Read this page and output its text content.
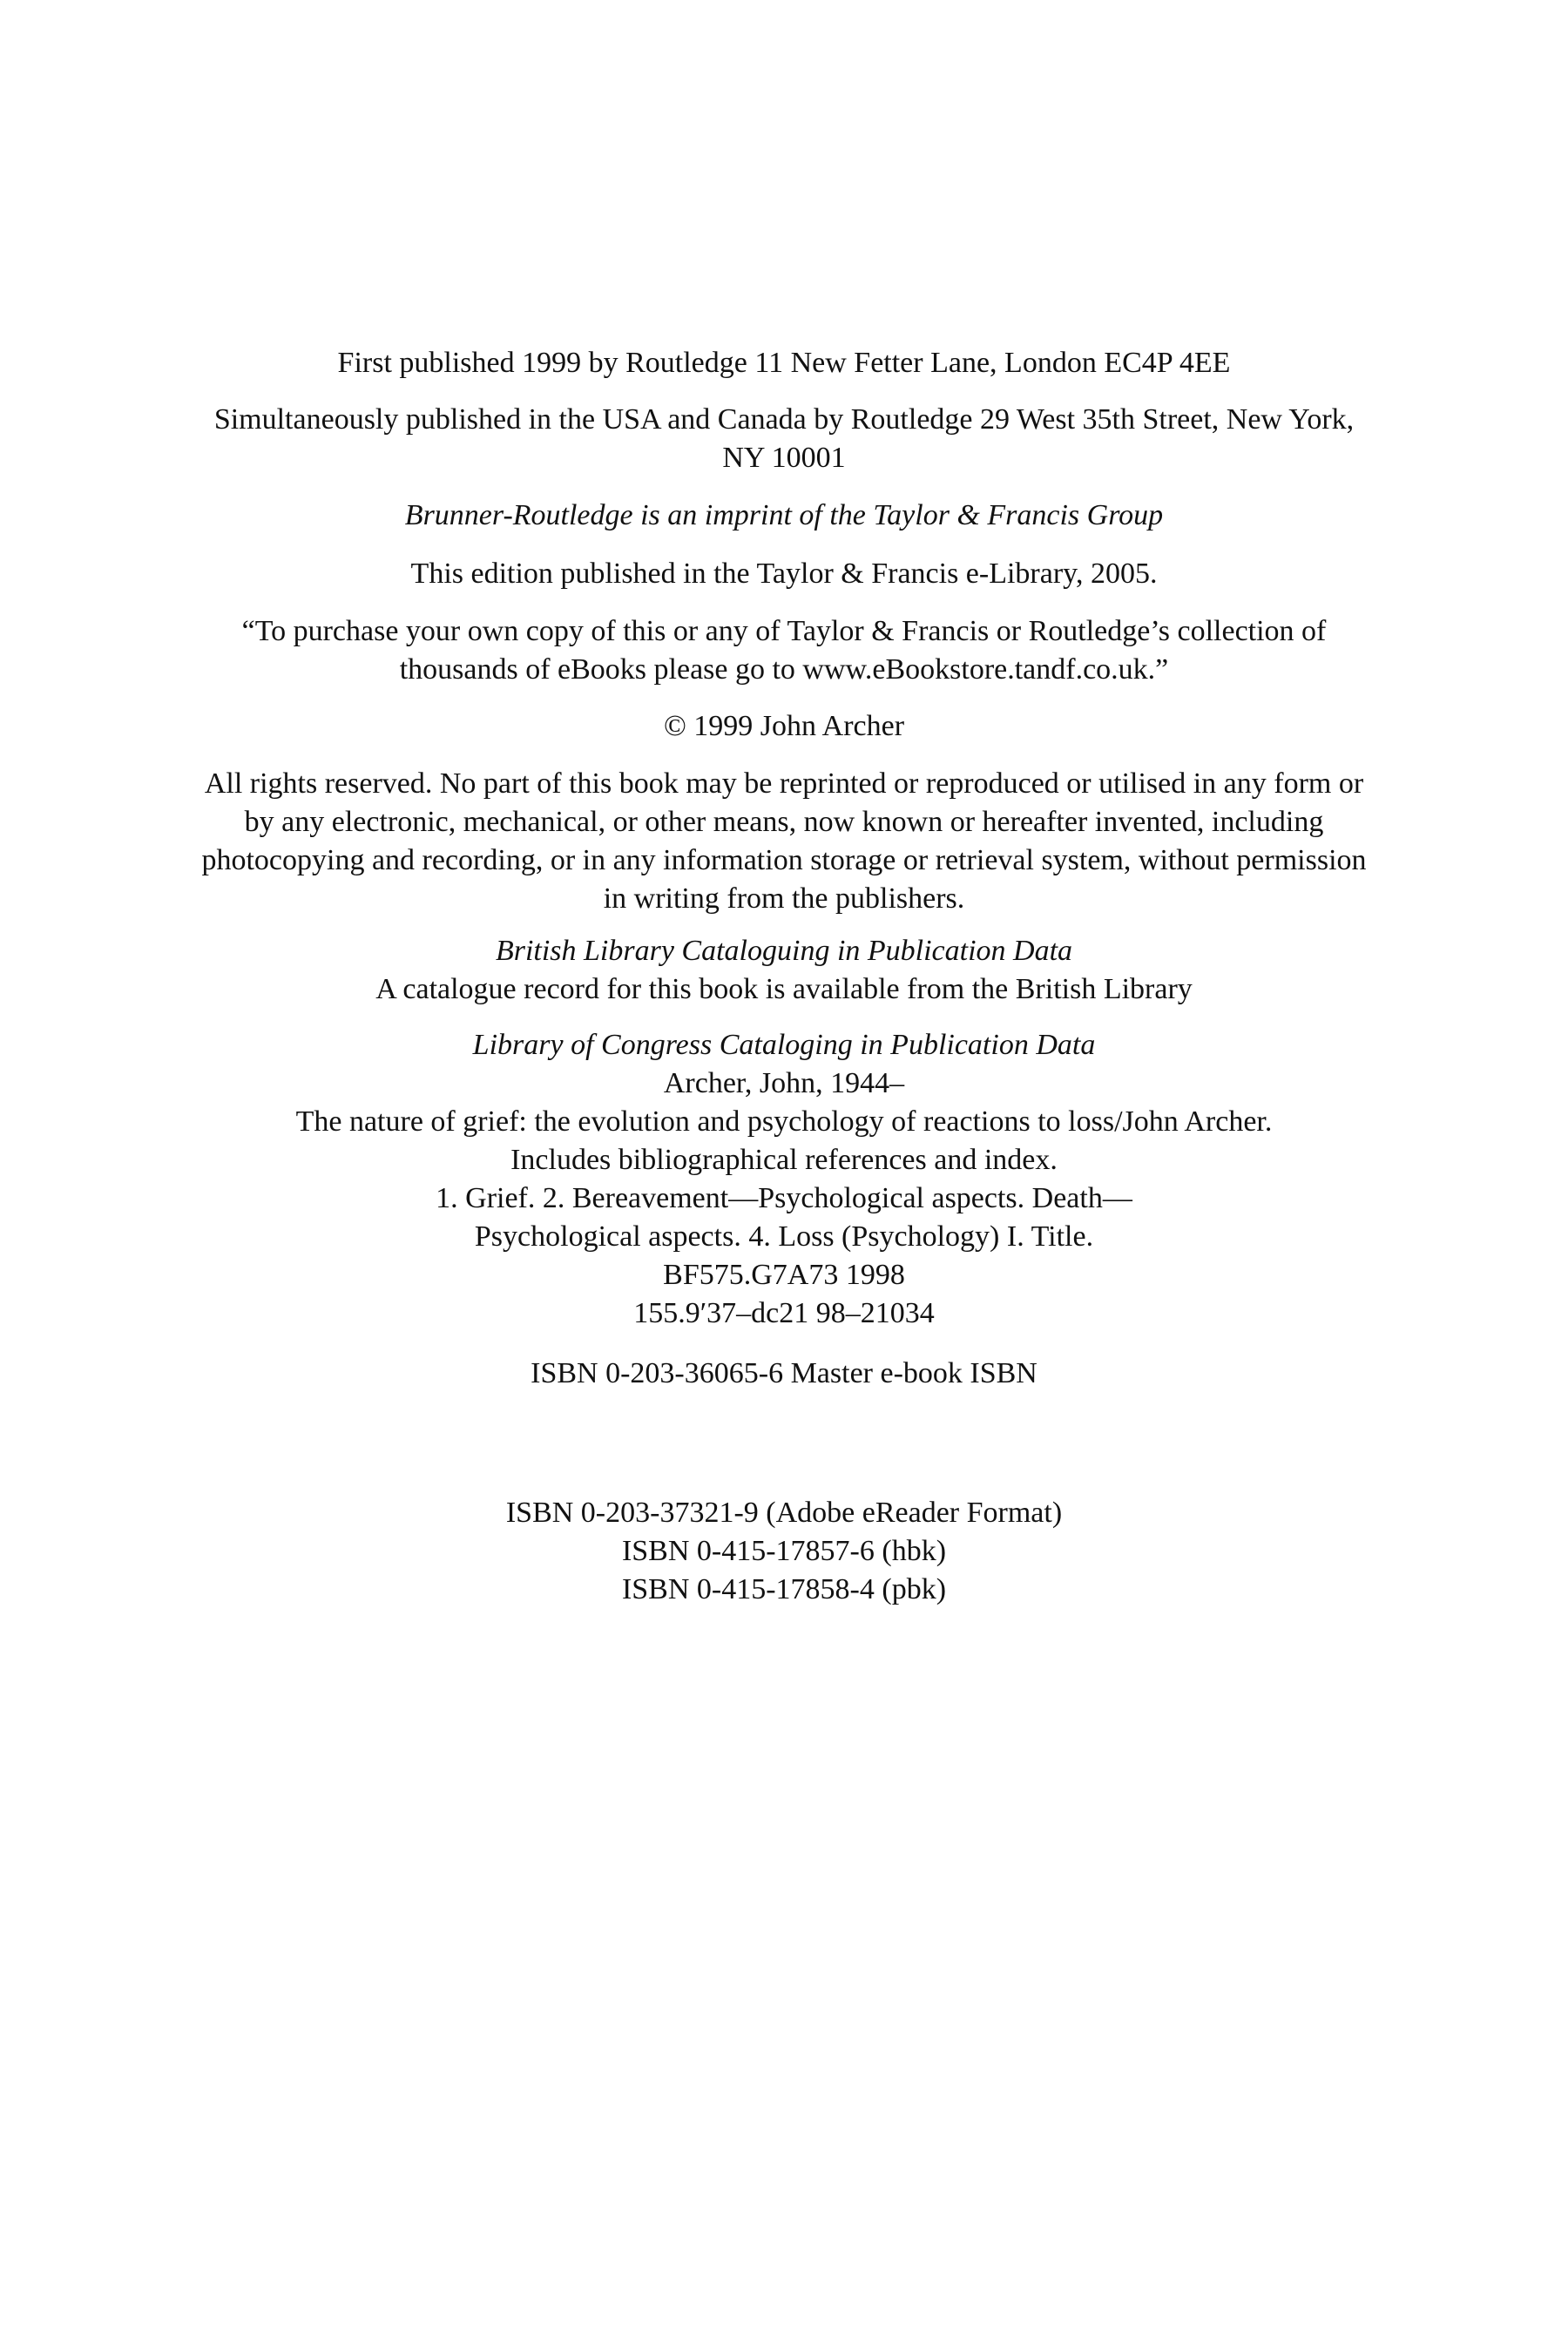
First published 1999 by Routledge 11 New Fetter Lane, London EC4P 4EE
Simultaneously published in the USA and Canada by Routledge 29 West 35th Street, New York, NY 10001
Brunner-Routledge is an imprint of the Taylor & Francis Group
This edition published in the Taylor & Francis e-Library, 2005.
“To purchase your own copy of this or any of Taylor & Francis or Routledge’s collection of thousands of eBooks please go to www.eBookstore.tandf.co.uk.”
© 1999 John Archer
All rights reserved. No part of this book may be reprinted or reproduced or utilised in any form or by any electronic, mechanical, or other means, now known or hereafter invented, including photocopying and recording, or in any information storage or retrieval system, without permission in writing from the publishers.
British Library Cataloguing in Publication Data
A catalogue record for this book is available from the British Library
Library of Congress Cataloging in Publication Data
Archer, John, 1944–
The nature of grief: the evolution and psychology of reactions to loss/John Archer.
Includes bibliographical references and index.
1. Grief. 2. Bereavement—Psychological aspects. Death—
Psychological aspects. 4. Loss (Psychology) I. Title.
BF575.G7A73 1998
155.9′37–dc21 98–21034
ISBN 0-203-36065-6 Master e-book ISBN
ISBN 0-203-37321-9 (Adobe eReader Format)
ISBN 0-415-17857-6 (hbk)
ISBN 0-415-17858-4 (pbk)
